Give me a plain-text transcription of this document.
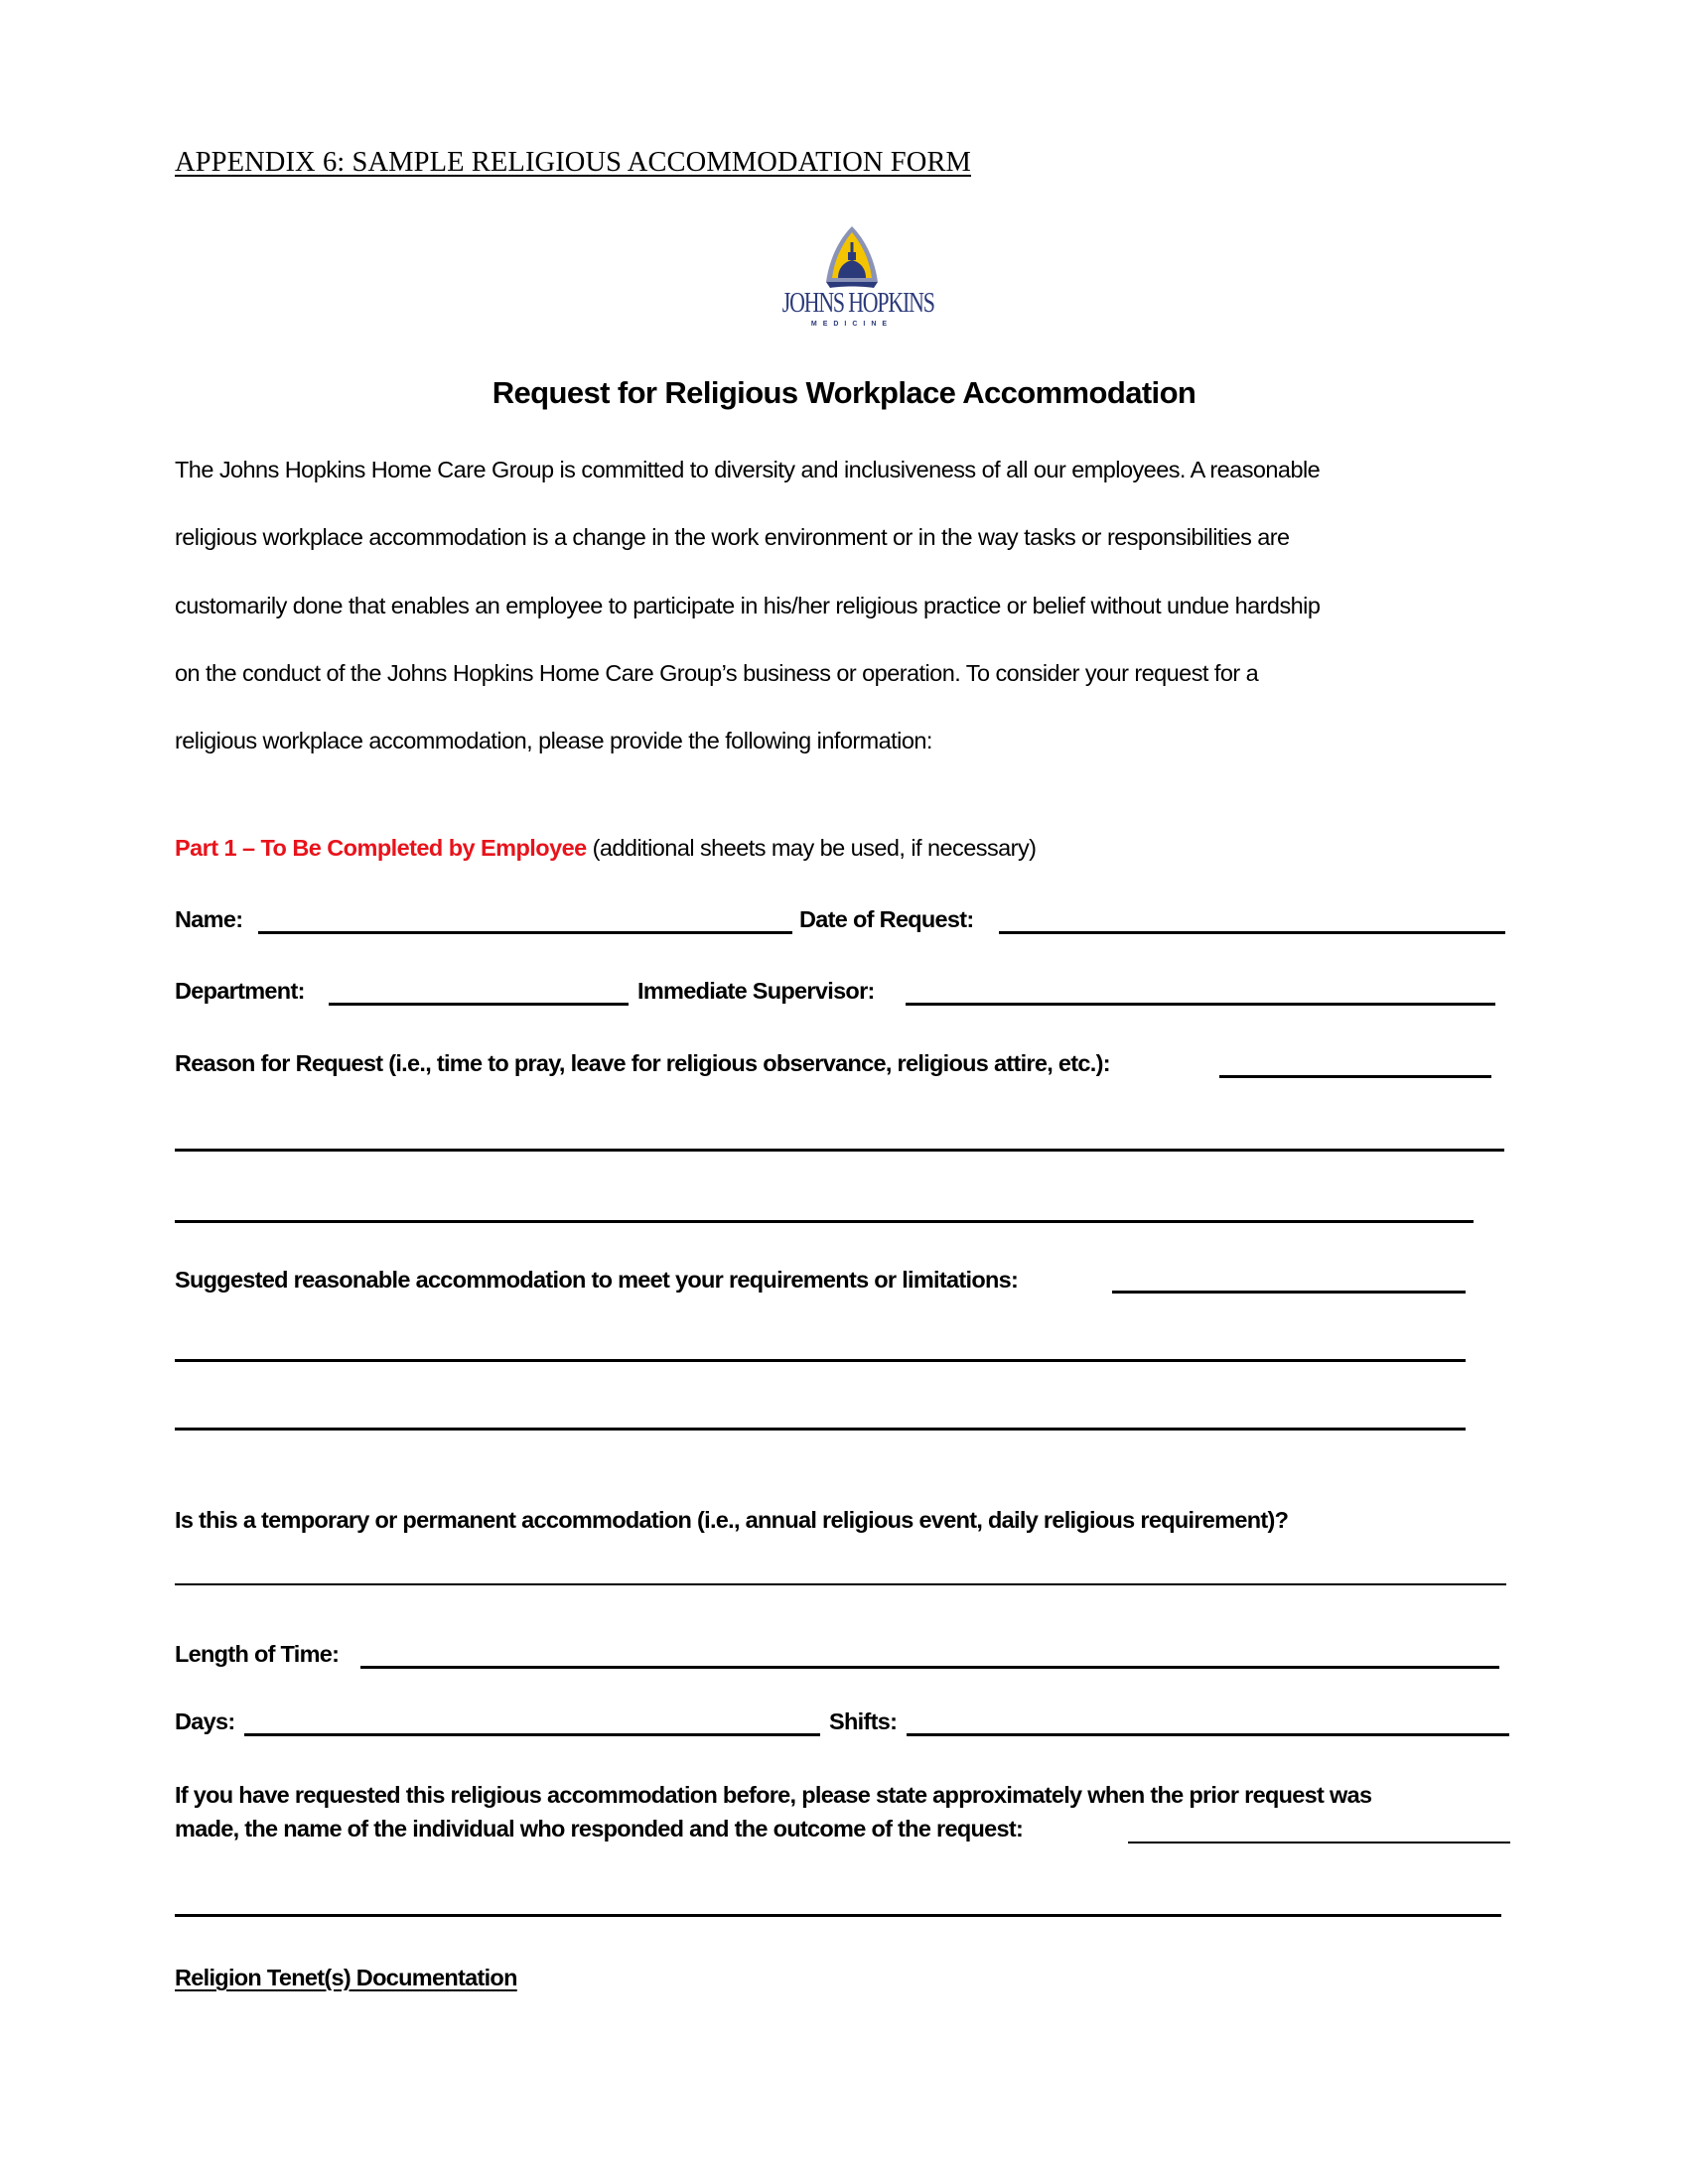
APPENDIX 6: SAMPLE RELIGIOUS ACCOMMODATION FORM
JOHNS HOPKINS
MEDICINE
Request for Religious Workplace Accommodation
The Johns Hopkins Home Care Group is committed to diversity and inclusiveness of all our employees. A reasonable
religious workplace accommodation is a change in the work environment or in the way tasks or responsibilities are
customarily done that enables an employee to participate in his/her religious practice or belief without undue hardship
on the conduct of the Johns Hopkins Home Care Group’s business or operation. To consider your request for a
religious workplace accommodation, please provide the following information:
Part 1 – To Be Completed by Employee (additional sheets may be used, if necessary)
Name:	Date of Request:
Department:	Immediate Supervisor:
Reason for Request (i.e., time to pray, leave for religious observance, religious attire, etc.):
Suggested reasonable accommodation to meet your requirements or limitations:
Is this a temporary or permanent accommodation (i.e., annual religious event, daily religious requirement)?
Length of Time:
Days:	Shifts:
If you have requested this religious accommodation before, please state approximately when the prior request was
made, the name of the individual who responded and the outcome of the request:
Religion Tenet(s) Documentation
